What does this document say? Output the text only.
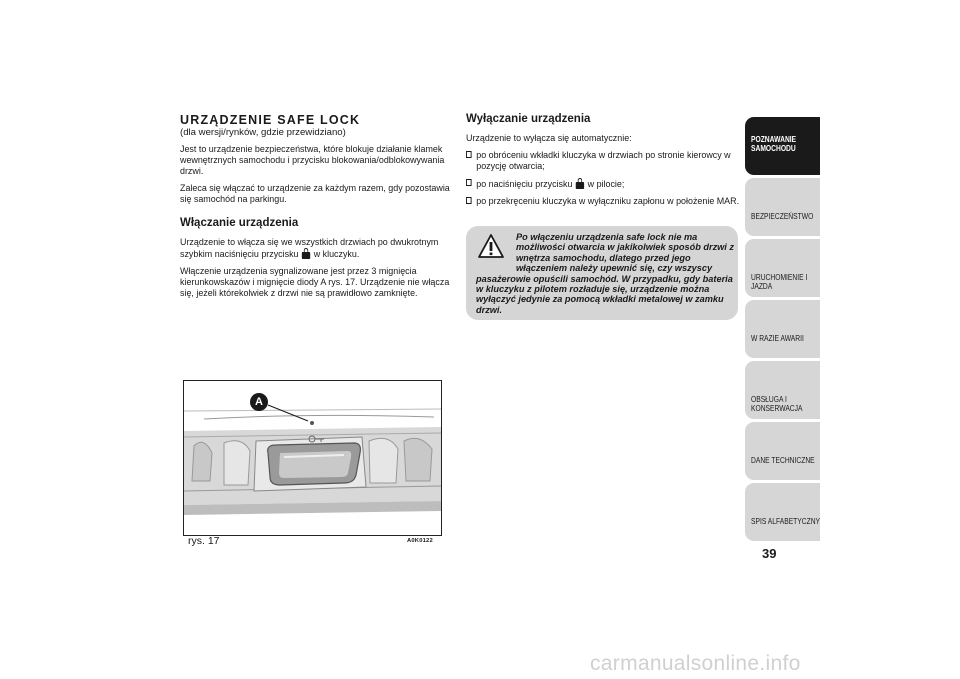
URZĄDZENIE SAFE LOCK

(dla wersji/rynków, gdzie przewidziano)

Jest to urządzenie bezpieczeństwa, które blokuje działanie klamek wewnętrznych samochodu i przycisku blokowania/odblokowywania drzwi.

Zaleca się włączać to urządzenie za każdym razem, gdy pozostawia się samochód na parkingu.

Włączanie urządzenia

Urządzenie to włącza się we wszystkich drzwiach po dwukrotnym szybkim naciśnięciu przycisku w kluczyku.

Włączenie urządzenia sygnalizowane jest przez 3 mignięcia kierunkowskazów i mignięcie diody A rys. 17. Urządzenie nie włącza się, jeżeli którekolwiek z drzwi nie są prawidłowo zamknięte.

Wyłączanie urządzenia

Urządzenie to wyłącza się automatycznie:

po obróceniu wkładki kluczyka w drzwiach po stronie kierowcy w pozycję otwarcia;
po naciśnięciu przycisku w pilocie;
po przekręceniu kluczyka w wyłączniku zapłonu w położenie MAR.
Po włączeniu urządzenia safe lock nie ma możliwości otwarcia w jakikolwiek sposób drzwi z wnętrza samochodu, dlatego przed jego włączeniem należy upewnić się, czy wszyscy pasażerowie opuścili samochód. W przypadku, gdy bateria w kluczyku z pilotem rozładuje się, urządzenie można wyłączyć jedynie za pomocą wkładki metalowej w zamku drzwi.
A
rys. 17	A0K0122
POZNAWANIE SAMOCHODU
BEZPIECZEŃSTWO
URUCHOMIENIE I JAZDA
W RAZIE AWARII
OBSŁUGA I KONSERWACJA
DANE TECHNICZNE
SPIS ALFABETYCZNY
39
carmanualsonline.info
